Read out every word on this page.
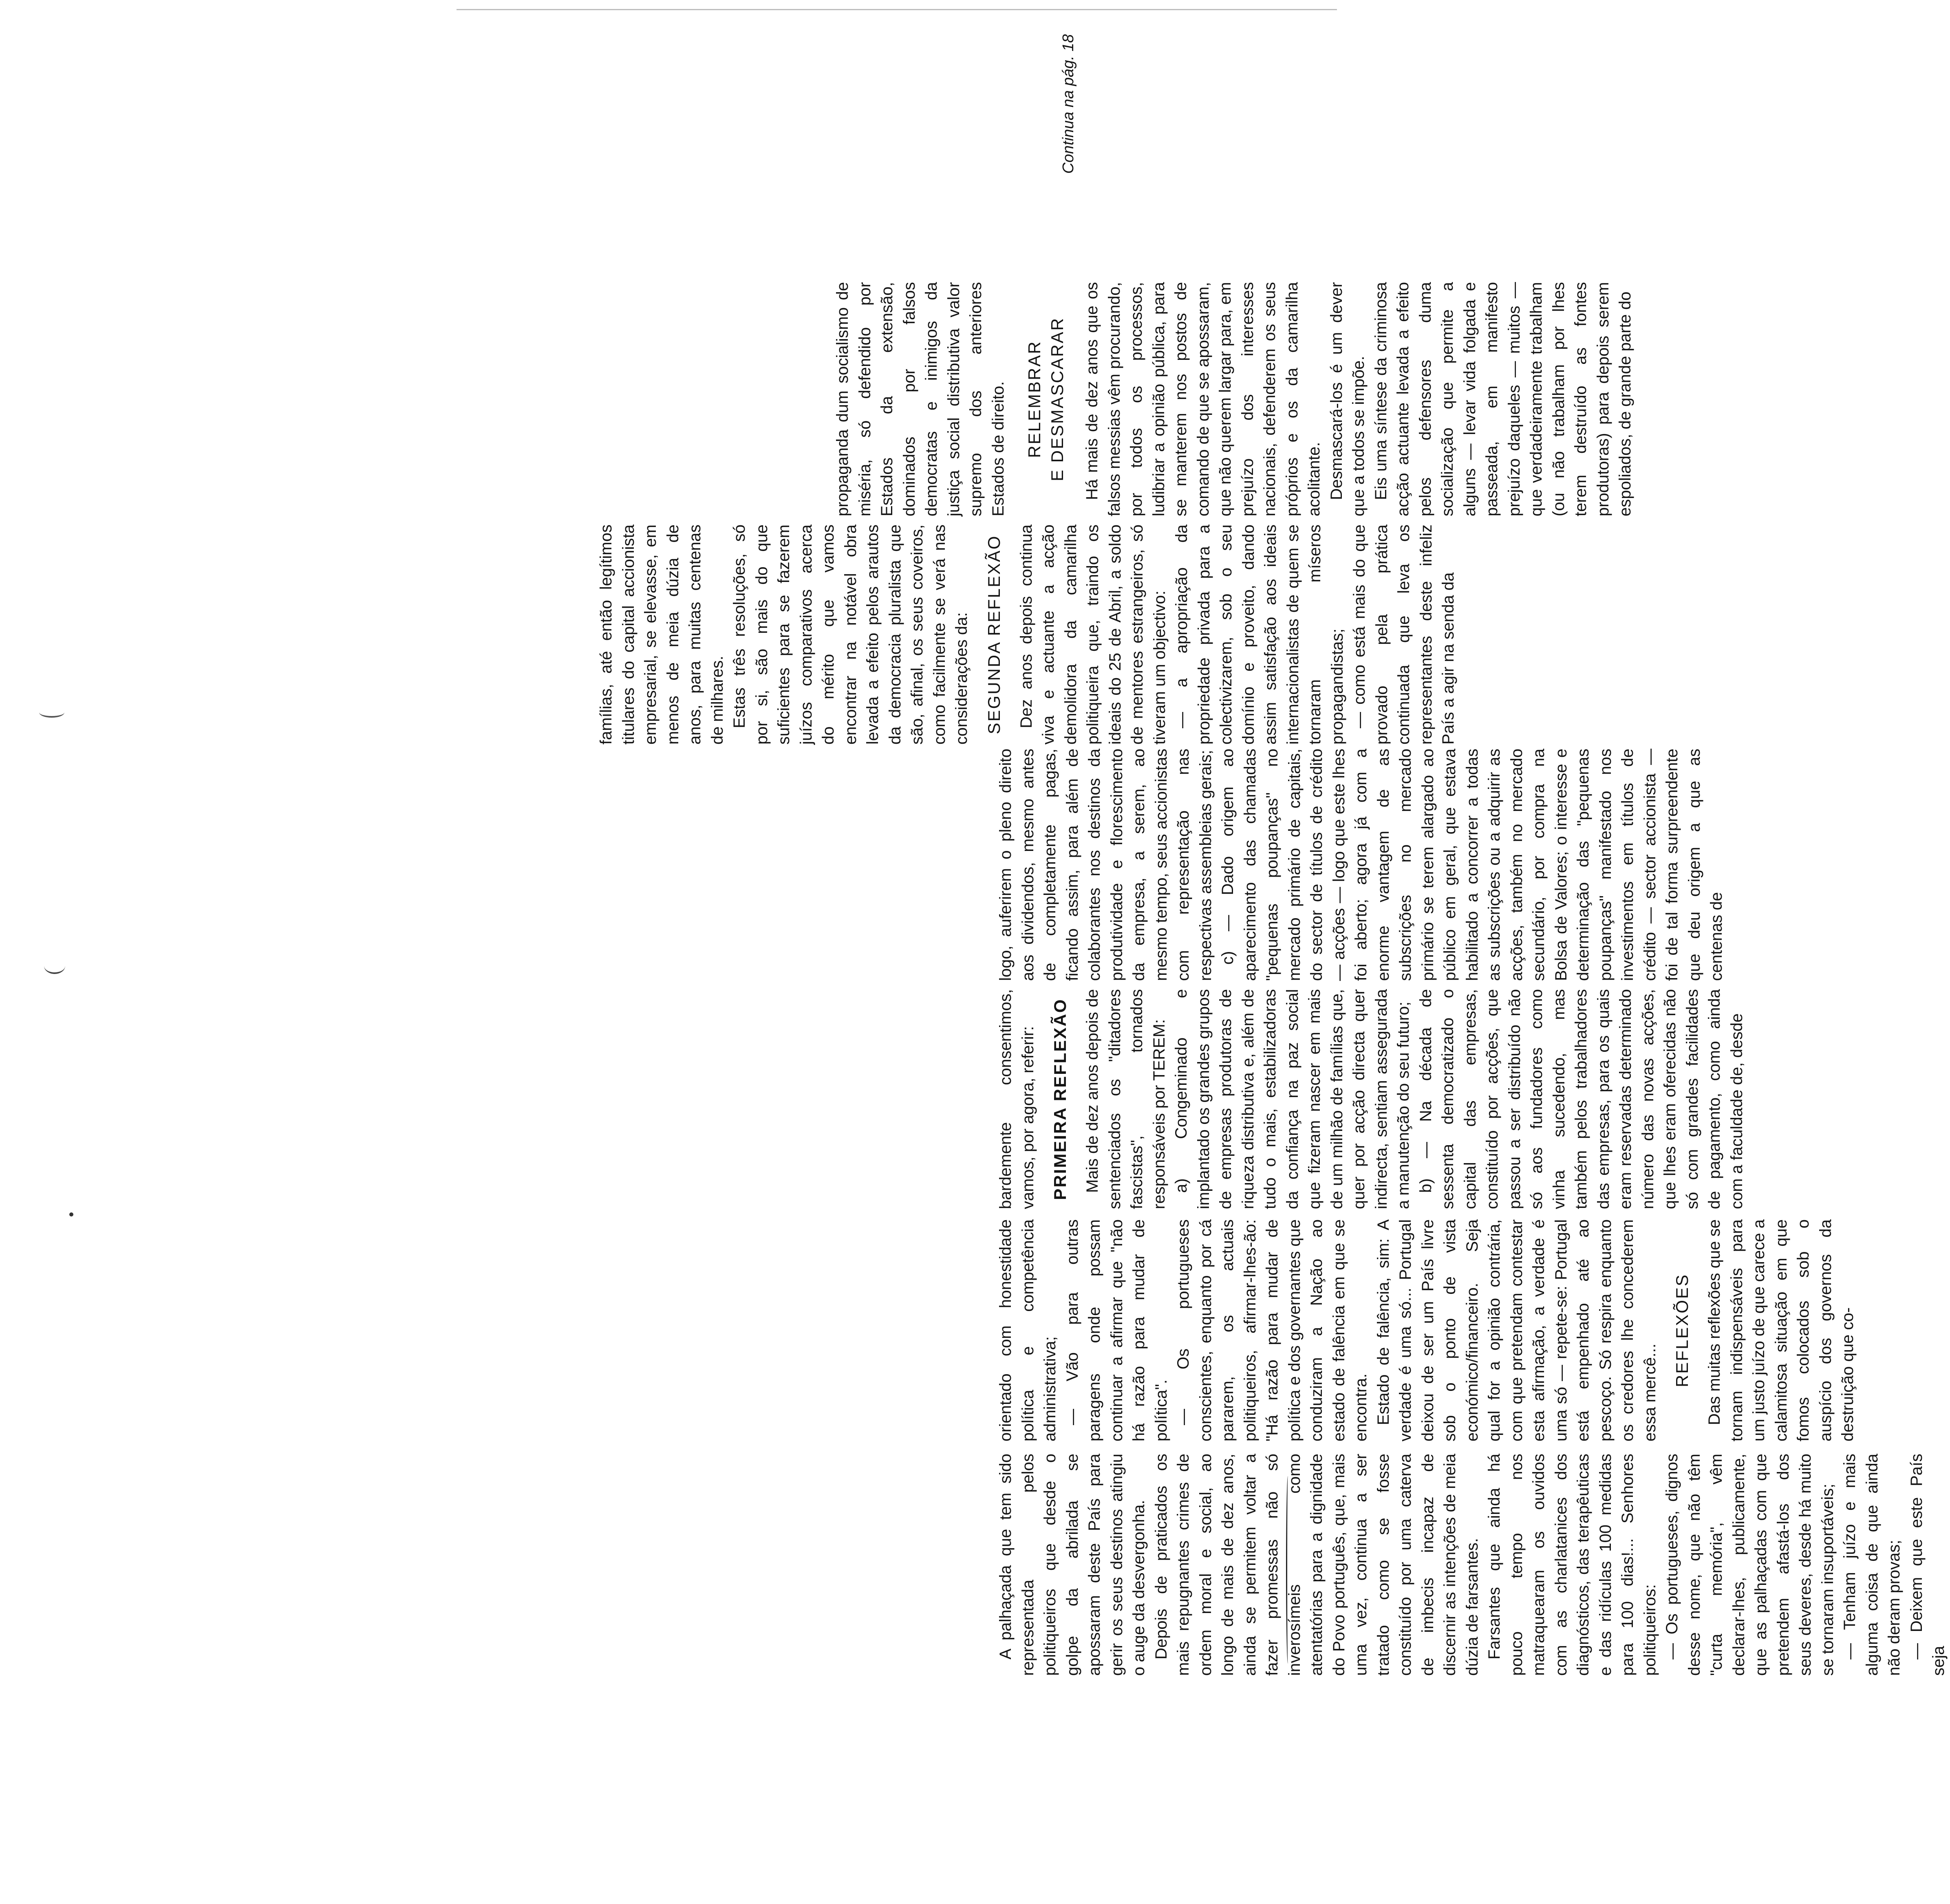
A palhaçada que tem sido representada pelos politiqueiros que desde o golpe da abrilada se apossaram deste País para gerir os seus destinos atingiu o auge da desvergonha. Depois de praticados os mais repugnantes crimes de ordem moral e social, ao longo de mais de dez anos, ainda se permitem voltar a fazer promessas não só inverosímeis como atentatórias para a dignidade do Povo português, que, mais uma vez, continua a ser tratado como se fosse constituído por uma caterva de imbecis incapaz de discernir as intenções de meia dúzia de farsantes. Farsantes que ainda há pouco tempo nos matraquearam os ouvidos com as charlatanices dos diagnósticos, das terapêuticas e das ridículas 100 medidas para 100 dias!... Senhores politiqueiros: — Os portugueses, dignos desse nome, que não têm "curta memória", vêm declarar-lhes, publicamente, que as palhaçadas com que pretendem afastá-los dos seus deveres, desde há muito se tornaram insuportáveis; — Tenham juízo e mais alguma coisa de que ainda não deram provas; — Deixem que este País seja

orientado com honestidade política e competência administrativa; — Vão para outras paragens onde possam continuar a afirmar que "não há razão para mudar de política". — Os portugueses conscientes, enquanto por cá pararem, os actuais politiqueiros, afirmar-lhes-ão: "Há razão para mudar de política e dos governantes que conduziram a Nação ao estado de falência em que se encontra. Estado de falência, sim: A verdade é uma só... Portugal deixou de ser um País livre sob o ponto de vista económico/financeiro. Seja qual for a opinião contrária, com que pretendam contestar esta afirmação, a verdade é uma só — repete-se: Portugal está empenhado até ao pescoço. Só respira enquanto os credores lhe concederem essa mercê...

REFLEXÕES Das muitas reflexões que se tornam indispensáveis para um justo juízo de que carece a calamitosa situação em que fomos colocados sob o auspício dos governos da destruição que co-

bardemente consentimos, vamos, por agora, referir: PRIMEIRA REFLEXÃO Mais de dez anos depois de sentenciados os "ditadores fascistas", tornados responsáveis por TEREM: a) Congeminado e implantado os grandes grupos de empresas produtoras de riqueza distributiva e, além de tudo o mais, estabilizadoras da confiança na paz social que fizeram nascer em mais de um milhão de famílias que, quer por acção directa quer indirecta, sentiam assegurada a manutenção do seu futuro; b) — Na década de sessenta democratizado o capital das empresas, constituído por acções, que passou a ser distribuído não só aos fundadores como vinha sucedendo, mas também pelos trabalhadores das empresas, para os quais eram reservadas determinado número das novas acções, que lhes eram oferecidas não só com grandes facilidades de pagamento, como ainda com a faculdade de, desde

logo, auferirem o pleno direito aos dividendos, mesmo antes de completamente pagas, ficando assim, para além de colaborantes nos destinos da produtividade e florescimento da empresa, a serem, ao mesmo tempo, seus accionistas com representação nas respectivas assembleias gerais; c) — Dado origem ao aparecimento das chamadas "pequenas poupanças" no mercado primário de capitais, do sector de títulos de crédito — acções — logo que este lhes foi aberto; agora já com a enorme vantagem de as subscrições no mercado primário se terem alargado ao público em geral, que estava habilitado a concorrer a todas as subscrições ou a adquirir as acções, também no mercado secundário, por compra na Bolsa de Valores; o interesse e determinação das "pequenas poupanças" manifestado nos investimentos em títulos de crédito — sector accionista — foi de tal forma surpreendente que deu origem a que as centenas de

famílias, até então legítimos titulares do capital accionista empresarial, se elevasse, em menos de meia dúzia de anos, para muitas centenas de milhares. Estas três resoluções, só por si, são mais do que suficientes para se fazerem juízos comparativos acerca do mérito que vamos encontrar na notável obra levada a efeito pelos arautos da democracia pluralista que são, afinal, os seus coveiros, como facilmente se verá nas considerações da: SEGUNDA REFLEXÃO Dez anos depois continua viva e actuante a acção demolidora da camarilha politiqueira que, traindo os ideais do 25 de Abril, a soldo de mentores estrangeiros, só tiveram um objectivo: — a apropriação da propriedade privada para a colectivizarem, sob o seu domínio e proveito, dando assim satisfação aos ideais internacionalistas de quem se tornaram míseros propagandistas; — como está mais do que provado pela prática continuada que leva os representantes deste infeliz País a agir na senda da

propaganda dum socialismo de miséria, só defendido por Estados da extensão, dominados por falsos democratas e inimigos da justiça social distributiva valor supremo dos anteriores Estados de direito. RELEMBRAR E DESMASCARAR Há mais de dez anos que os falsos messias vêm procurando, por todos os processos, ludibriar a opinião pública, para se manterem nos postos de comando de que se apossaram, que não querem largar para, em prejuízo dos interesses nacionais, defenderem os seus próprios e os da camarilha acolitante. Desmascará-los é um dever que a todos se impõe. Eis uma síntese da criminosa acção actuante levada a efeito pelos defensores duma socialização que permite a alguns — levar vida folgada e passeada, em manifesto prejuízo daqueles — muitos — que verdadeiramente trabalham (ou não trabalham por lhes terem destruído as fontes produtoras) para depois serem espoliados, de grande parte do

Continua na pág. 18
